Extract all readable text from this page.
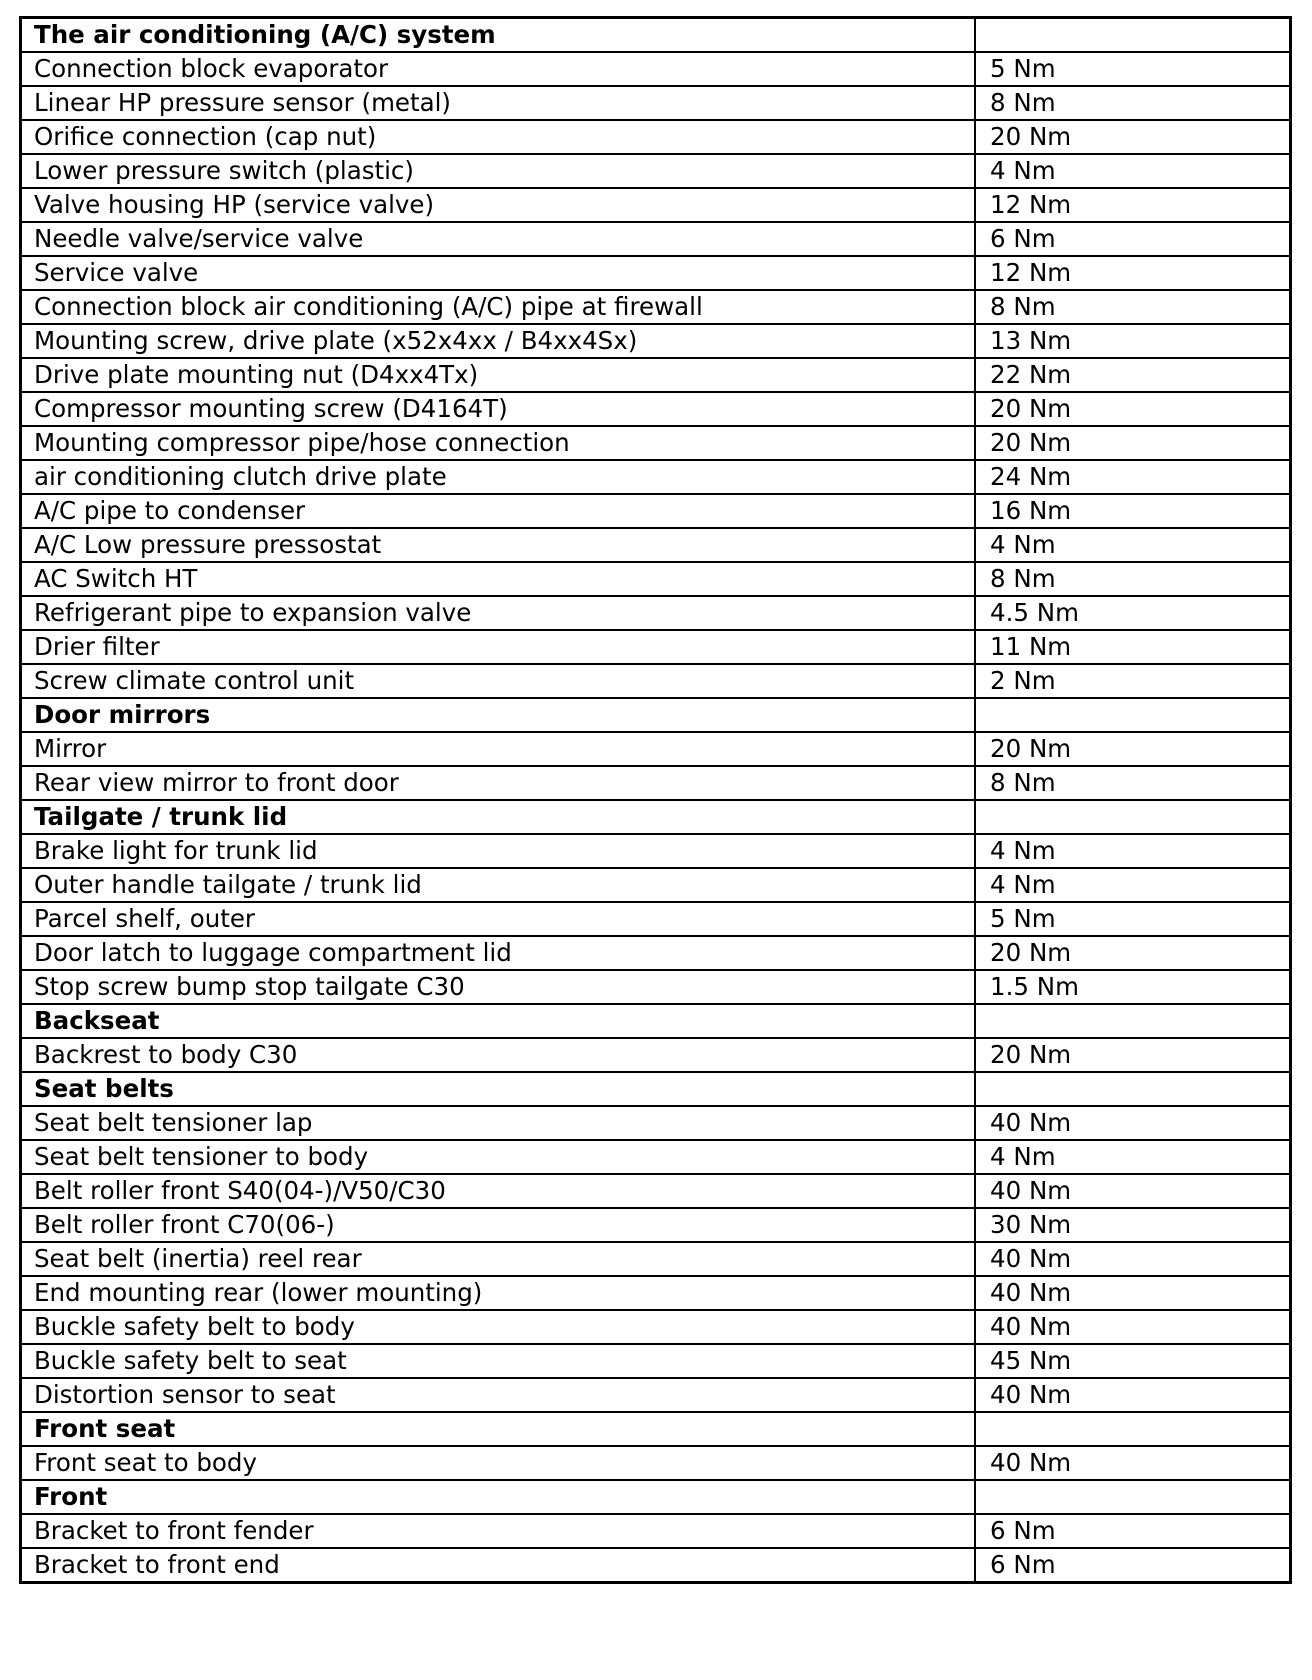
The air conditioning (A/C) system	
Connection block evaporator	5 Nm
Linear HP pressure sensor (metal)	8 Nm
Orifice connection (cap nut)	20 Nm
Lower pressure switch (plastic)	4 Nm
Valve housing HP (service valve)	12 Nm
Needle valve/service valve	6 Nm
Service valve	12 Nm
Connection block air conditioning (A/C) pipe at firewall	8 Nm
Mounting screw, drive plate (x52x4xx / B4xx4Sx)	13 Nm
Drive plate mounting nut (D4xx4Tx)	22 Nm
Compressor mounting screw (D4164T)	20 Nm
Mounting compressor pipe/hose connection	20 Nm
air conditioning clutch drive plate	24 Nm
A/C pipe to condenser	16 Nm
A/C Low pressure pressostat	4 Nm
AC Switch HT	8 Nm
Refrigerant pipe to expansion valve	4.5 Nm
Drier filter	11 Nm
Screw climate control unit	2 Nm
Door mirrors	
Mirror	20 Nm
Rear view mirror to front door	8 Nm
Tailgate / trunk lid	
Brake light for trunk lid	4 Nm
Outer handle tailgate / trunk lid	4 Nm
Parcel shelf, outer	5 Nm
Door latch to luggage compartment lid	20 Nm
Stop screw bump stop tailgate C30	1.5 Nm
Backseat	
Backrest to body C30	20 Nm
Seat belts	
Seat belt tensioner lap	40 Nm
Seat belt tensioner to body	4 Nm
Belt roller front S40(04-)/V50/C30	40 Nm
Belt roller front C70(06-)	30 Nm
Seat belt (inertia) reel rear	40 Nm
End mounting rear (lower mounting)	40 Nm
Buckle safety belt to body	40 Nm
Buckle safety belt to seat	45 Nm
Distortion sensor to seat	40 Nm
Front seat	
Front seat to body	40 Nm
Front	
Bracket to front fender	6 Nm
Bracket to front end	6 Nm
